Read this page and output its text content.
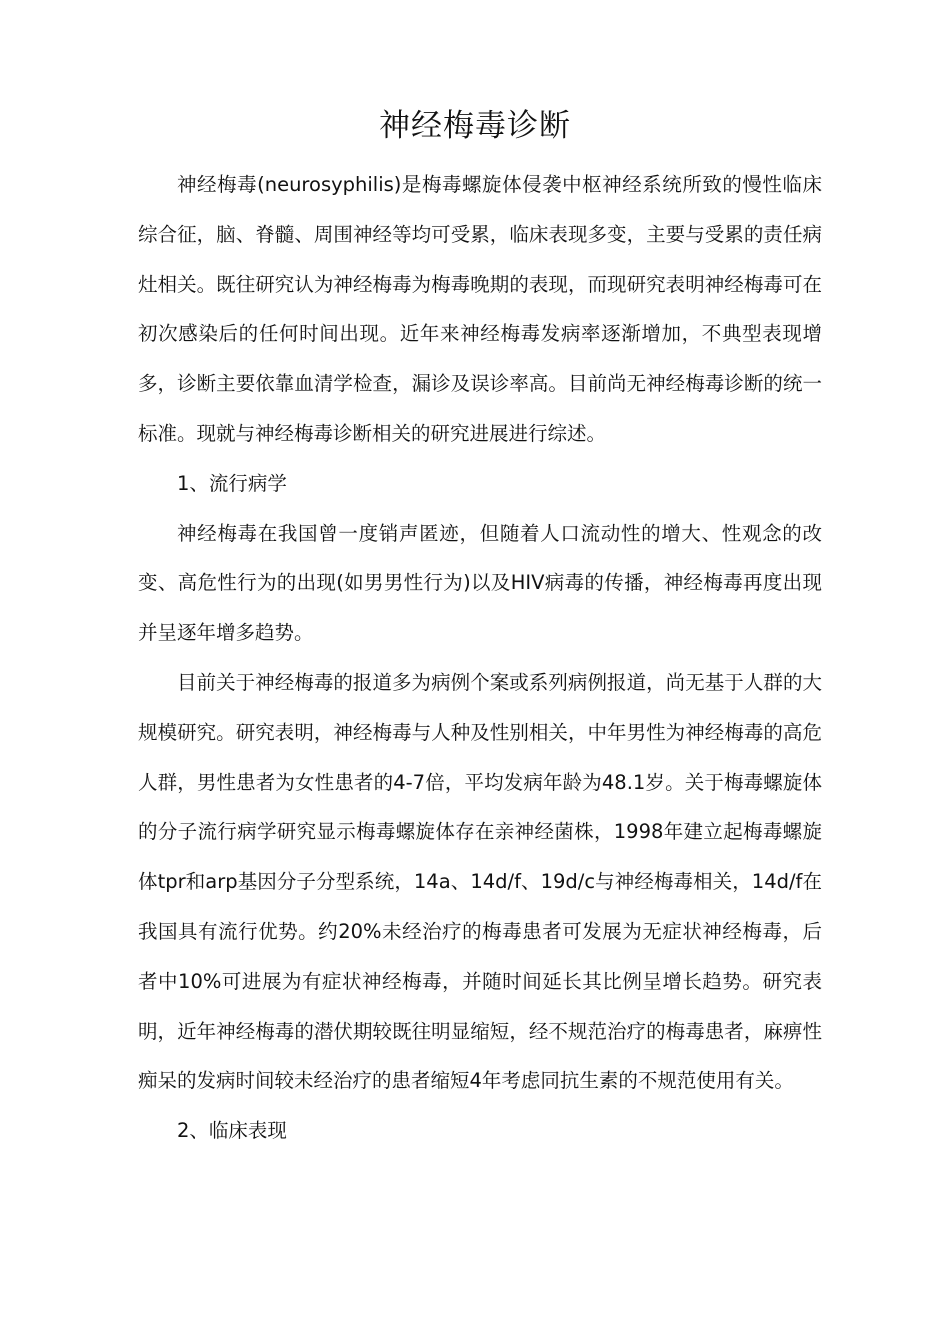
神经梅毒诊断

神经梅毒(neurosyphilis)是梅毒螺旋体侵袭中枢神经系统所致的慢性临床综合征，脑、脊髓、周围神经等均可受累，临床表现多变，主要与受累的责任病灶相关。既往研究认为神经梅毒为梅毒晚期的表现，而现研究表明神经梅毒可在初次感染后的任何时间出现。近年来神经梅毒发病率逐渐增加，不典型表现增多，诊断主要依靠血清学检查，漏诊及误诊率高。目前尚无神经梅毒诊断的统一标准。现就与神经梅毒诊断相关的研究进展进行综述。

1、流行病学

神经梅毒在我国曾一度销声匿迹，但随着人口流动性的增大、性观念的改变、高危性行为的出现(如男男性行为)以及HIV病毒的传播，神经梅毒再度出现并呈逐年增多趋势。

目前关于神经梅毒的报道多为病例个案或系列病例报道，尚无基于人群的大规模研究。研究表明，神经梅毒与人种及性别相关，中年男性为神经梅毒的高危人群，男性患者为女性患者的4-7倍，平均发病年龄为48.1岁。关于梅毒螺旋体的分子流行病学研究显示梅毒螺旋体存在亲神经菌株，1998年建立起梅毒螺旋体tpr和arp基因分子分型系统，14a、14d/f、19d/c与神经梅毒相关，14d/f在我国具有流行优势。约20%未经治疗的梅毒患者可发展为无症状神经梅毒，后者中10%可进展为有症状神经梅毒，并随时间延长其比例呈增长趋势。研究表明，近年神经梅毒的潜伏期较既往明显缩短，经不规范治疗的梅毒患者，麻痹性痴呆的发病时间较未经治疗的患者缩短4年考虑同抗生素的不规范使用有关。

2、临床表现
